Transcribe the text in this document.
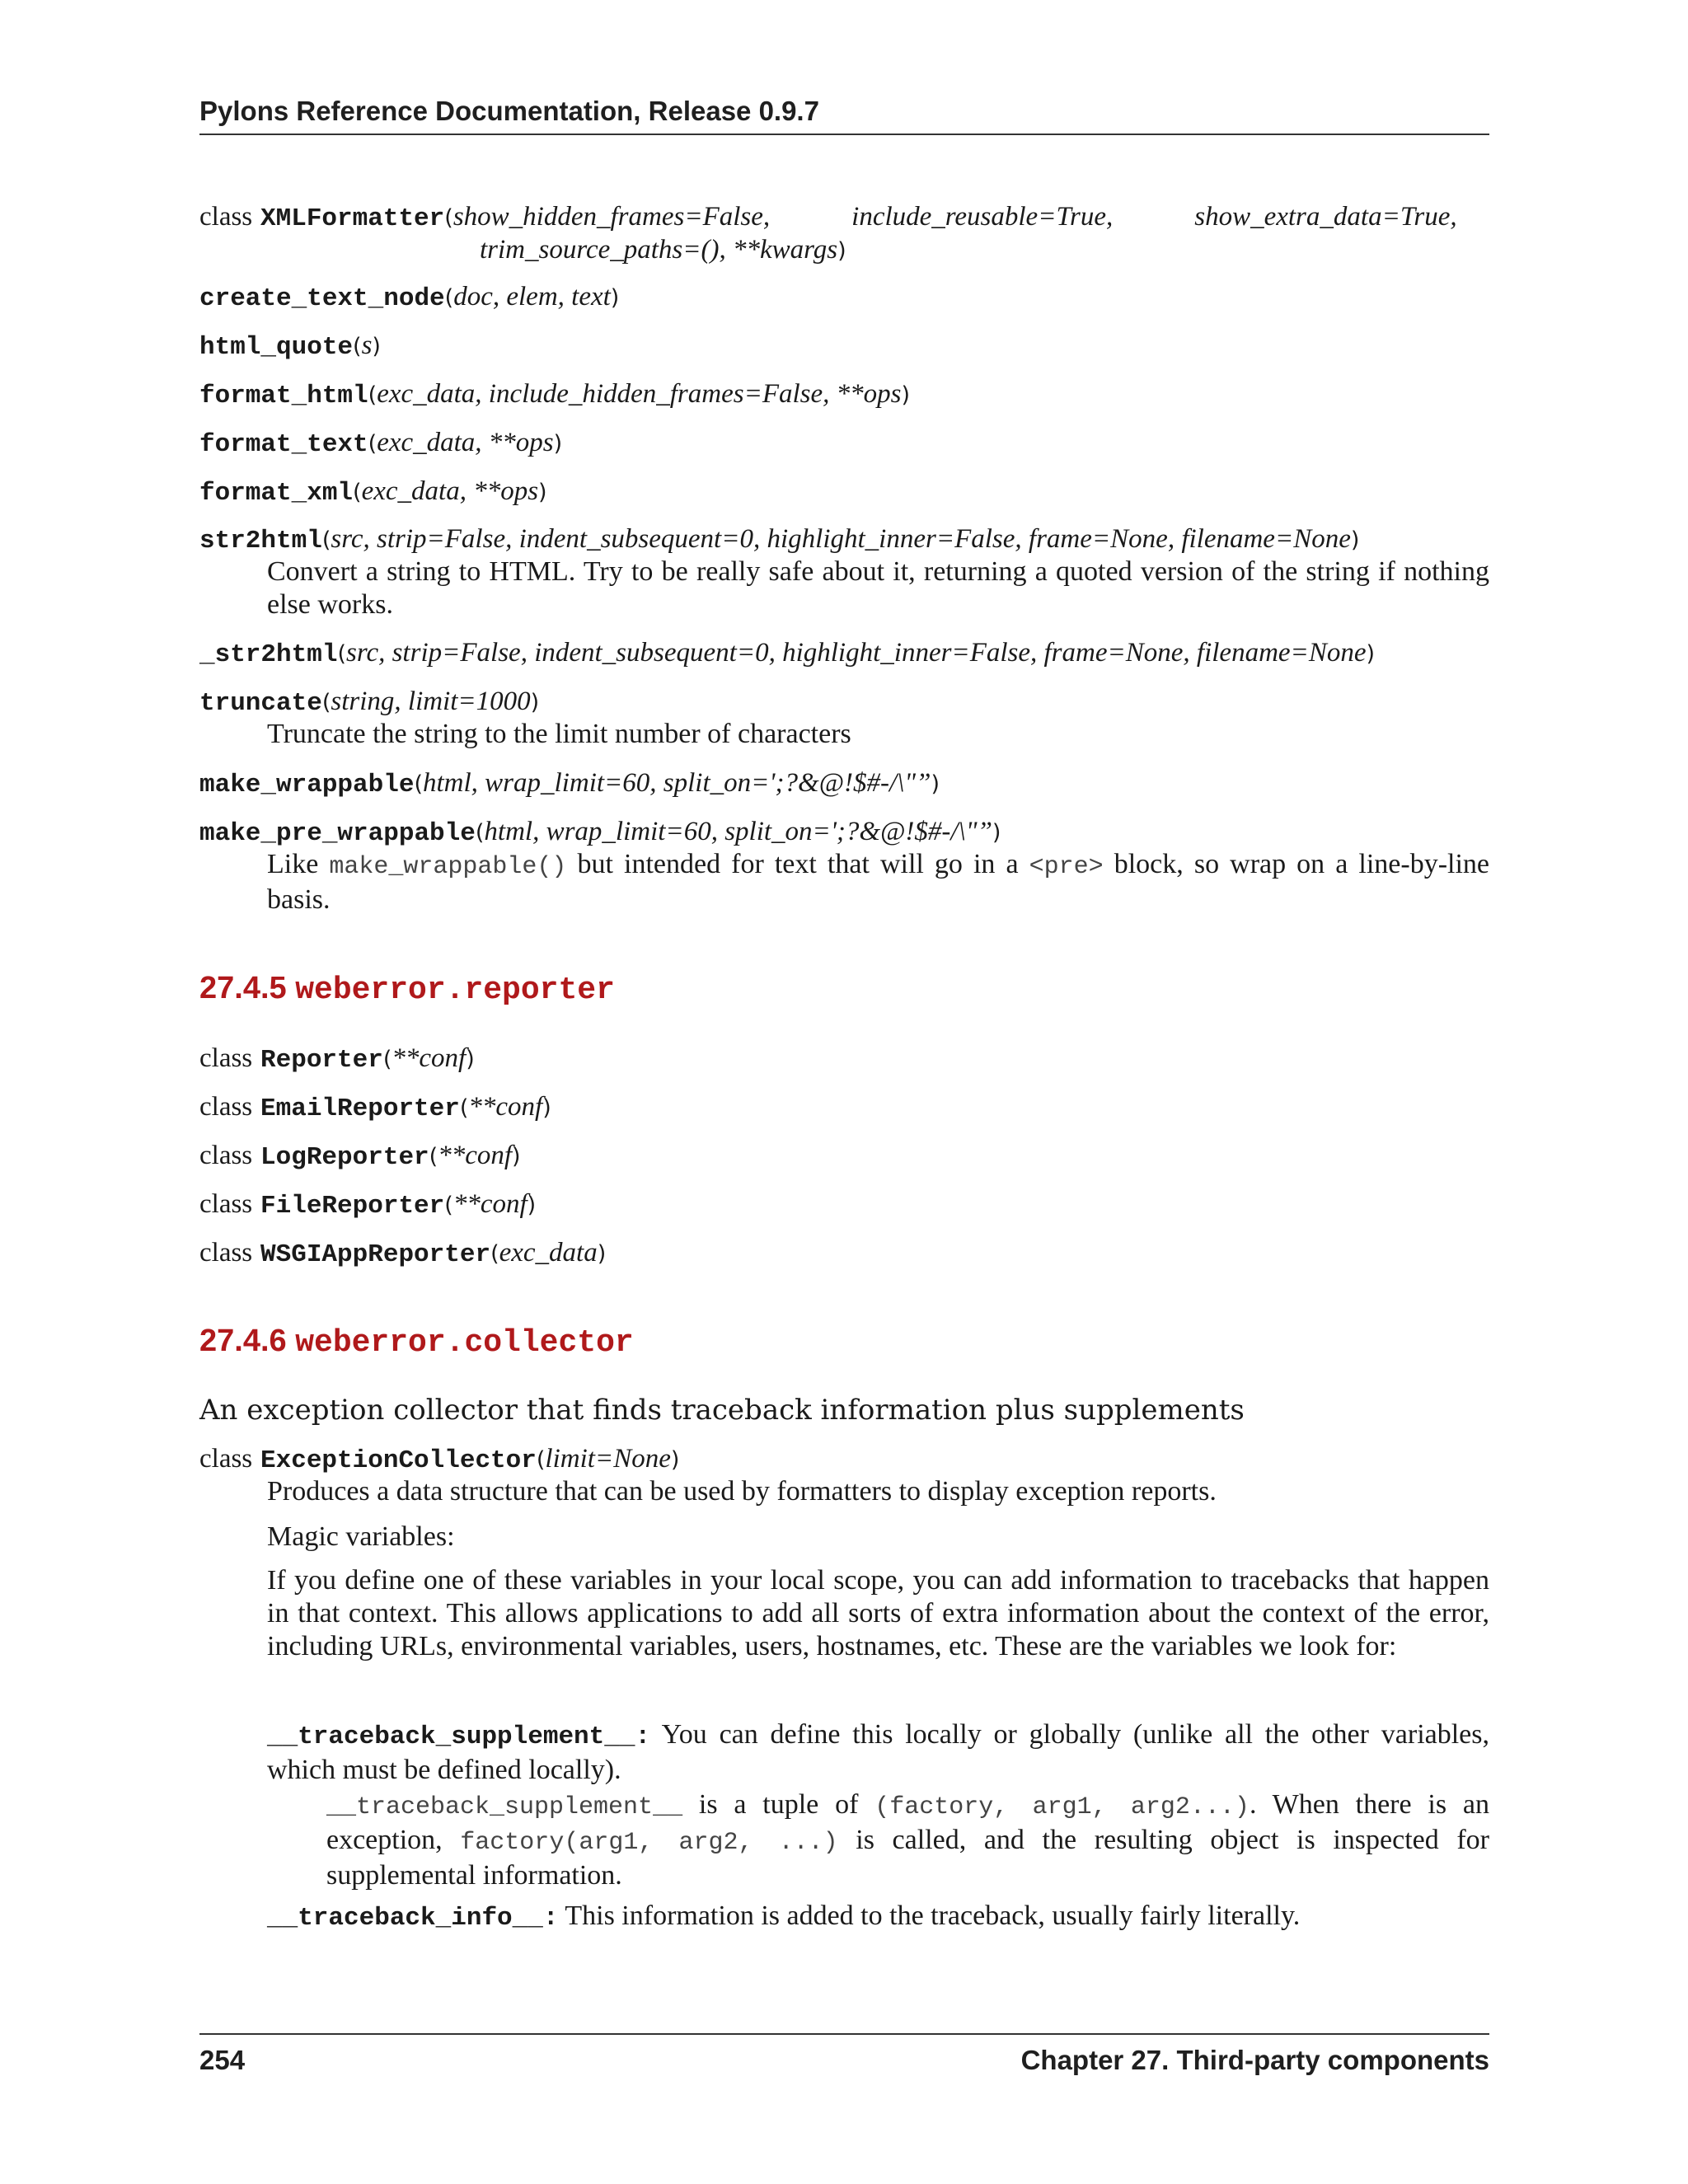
Pylons Reference Documentation, Release 0.9.7
class XMLFormatter(show_hidden_frames=False,            include_reusable=True,            show_extra_data=True,
trim_source_paths=(), **kwargs)
create_text_node(doc, elem, text)
html_quote(s)
format_html(exc_data, include_hidden_frames=False, **ops)
format_text(exc_data, **ops)
format_xml(exc_data, **ops)
str2html(src, strip=False, indent_subsequent=0, highlight_inner=False, frame=None, filename=None)
Convert a string to HTML. Try to be really safe about it, returning a quoted version of the string if nothing else works.
_str2html(src, strip=False, indent_subsequent=0, highlight_inner=False, frame=None, filename=None)
truncate(string, limit=1000)
Truncate the string to the limit number of characters
make_wrappable(html, wrap_limit=60, split_on=';?&@!$#-/\"”)
make_pre_wrappable(html, wrap_limit=60, split_on=';?&@!$#-/\"”)
Like make_wrappable() but intended for text that will go in a <pre> block, so wrap on a line-by-line basis.
27.4.5 weberror.reporter
class Reporter(**conf)
class EmailReporter(**conf)
class LogReporter(**conf)
class FileReporter(**conf)
class WSGIAppReporter(exc_data)
27.4.6 weberror.collector
An exception collector that finds traceback information plus supplements
class ExceptionCollector(limit=None)
Produces a data structure that can be used by formatters to display exception reports.
Magic variables:
If you define one of these variables in your local scope, you can add information to tracebacks that happen in that context. This allows applications to add all sorts of extra information about the context of the error, including URLs, environmental variables, users, hostnames, etc. These are the variables we look for:
__traceback_supplement__: You can define this locally or globally (unlike all the other variables, which must be defined locally).
__traceback_supplement__ is a tuple of (factory, arg1, arg2...). When there is an exception, factory(arg1, arg2, ...) is called, and the resulting object is inspected for supplemental information.
__traceback_info__: This information is added to the traceback, usually fairly literally.
254	Chapter 27. Third-party components
